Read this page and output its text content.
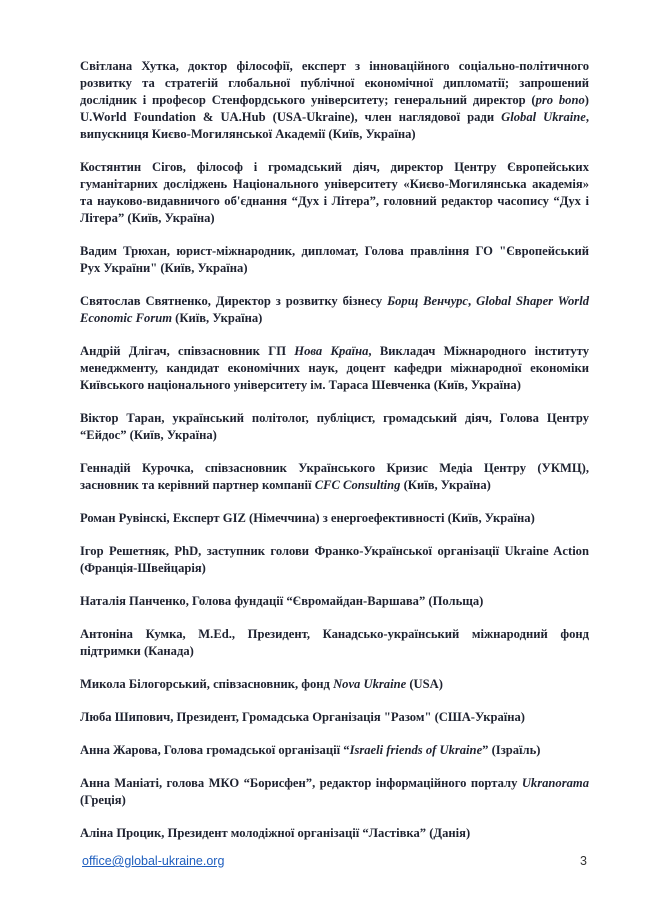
Світлана Хутка, доктор філософії, експерт з інноваційного соціально-політичного розвитку та стратегій глобальної публічної економічної дипломатії; запрошений дослідник і професор Стенфордського університету; генеральний директор (pro bono) U.World Foundation & UA.Hub (USA-Ukraine), член наглядової ради Global Ukraine, випускниця Києво-Могилянської Академії (Київ, Україна)

Костянтин Сігов, філософ і громадський діяч, директор Центру Європейських гуманітарних досліджень Національного університету «Києво-Могилянська академія» та науково-видавничого об'єднання “Дух і Літера”, головний редактор часопису “Дух і Літера” (Київ, Україна)

Вадим Трюхан, юрист-міжнародник, дипломат, Голова правління ГО "Європейський Рух України" (Київ, Україна)

Святослав Святненко, Директор з розвитку бізнесу Борщ Венчурс, Global Shaper World Economic Forum (Київ, Україна)

Андрій Длігач, співзасновник ГП Нова Країна, Викладач Міжнародного інституту менеджменту, кандидат економічних наук, доцент кафедри міжнародної економіки Київського національного університету ім. Тараса Шевченка (Київ, Україна)

Віктор Таран, український політолог, публіцист, громадський діяч, Голова Центру “Ейдос” (Київ, Україна)

Геннадій Курочка, співзасновник Українського Кризис Медіа Центру (УКМЦ), засновник та керівний партнер компанії CFC Consulting (Київ, Україна)

Роман Рувінскі, Експерт GIZ (Німеччина) з енергоефективності (Київ, Україна)

Ігор Решетняк, PhD, заступник голови Франко-Української організації Ukraine Action (Франція-Швейцарія)

Наталія Панченко, Голова фундації “Євромайдан-Варшава” (Польща)

Антоніна Кумка, M.Ed., Президент, Канадсько-український міжнародний фонд підтримки (Канада)

Микола Білогорський, співзасновник, фонд Nova Ukraine (USA)

Люба Шипович, Президент, Громадська Організація "Разом" (США-Україна)

Анна Жарова, Голова громадської організації “Israeli friends of Ukraine” (Ізраїль)

Анна Маніаті, голова МКО “Борисфен”, редактор інформаційного порталу Ukranorama (Греція)

Аліна Процик, Президент молодіжної організації “Ластівка” (Данія)

office@global-ukraine.org	3
